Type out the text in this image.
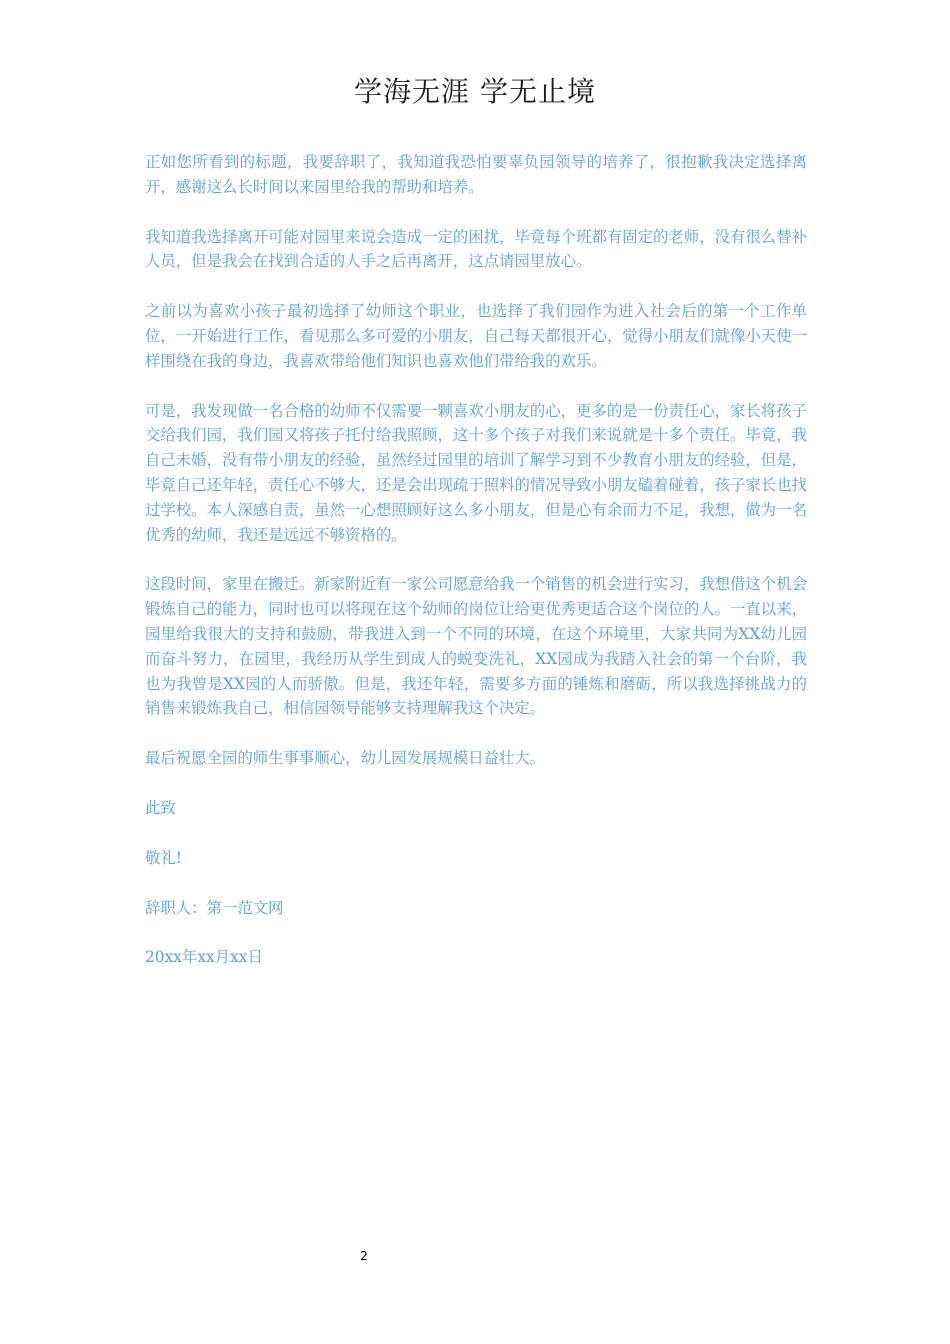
学海无涯 学无止境

正如您所看到的标题，我要辞职了，我知道我恐怕要辜负园领导的培养了，很抱歉我决定选择离开，感谢这么长时间以来园里给我的帮助和培养。

我知道我选择离开可能对园里来说会造成一定的困扰，毕竟每个班都有固定的老师，没有很么替补人员，但是我会在找到合适的人手之后再离开，这点请园里放心。

之前以为喜欢小孩子最初选择了幼师这个职业，也选择了我们园作为进入社会后的第一个工作单位，一开始进行工作，看见那么多可爱的小朋友，自己每天都很开心，觉得小朋友们就像小天使一样围绕在我的身边，我喜欢带给他们知识也喜欢他们带给我的欢乐。

可是，我发现做一名合格的幼师不仅需要一颗喜欢小朋友的心，更多的是一份责任心，家长将孩子交给我们园，我们园又将孩子托付给我照顾，这十多个孩子对我们来说就是十多个责任。毕竟，我自己未婚，没有带小朋友的经验，虽然经过园里的培训了解学习到不少教育小朋友的经验，但是，毕竟自己还年轻，责任心不够大，还是会出现疏于照料的情况导致小朋友磕着碰着，孩子家长也找过学校。本人深感自责，虽然一心想照顾好这么多小朋友，但是心有余而力不足，我想，做为一名优秀的幼师，我还是远远不够资格的。

这段时间，家里在搬迁。新家附近有一家公司愿意给我一个销售的机会进行实习，我想借这个机会锻炼自己的能力，同时也可以将现在这个幼师的岗位让给更优秀更适合这个岗位的人。一直以来，园里给我很大的支持和鼓励，带我进入到一个不同的环境，在这个环境里，大家共同为XX幼儿园而奋斗努力，在园里，我经历从学生到成人的蜕变洗礼，XX园成为我踏入社会的第一个台阶，我也为我曾是XX园的人而骄傲。但是，我还年轻，需要多方面的锤炼和磨砺，所以我选择挑战力的销售来锻炼我自己，相信园领导能够支持理解我这个决定。

最后祝愿全园的师生事事顺心，幼儿园发展规模日益壮大。

此致

敬礼!

辞职人：第一范文网

20xx年xx月xx日

2
